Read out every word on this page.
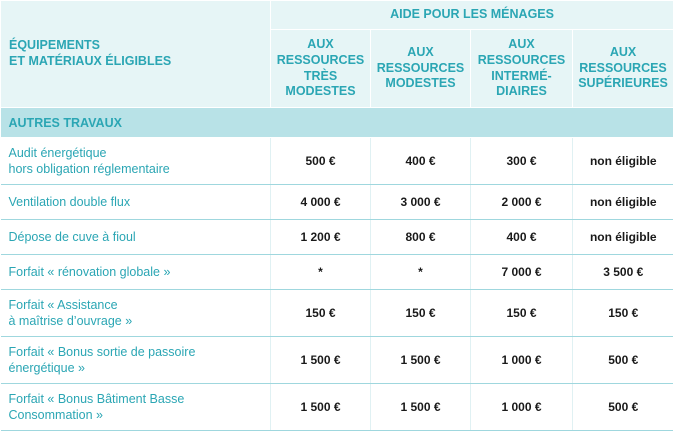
ÉQUIPEMENTS
ET MATÉRIAUX ÉLIGIBLES	AIDE POUR LES MÉNAGES			
	AUX
RESSOURCES
TRÈS
MODESTES	AUX
RESSOURCES
MODESTES	AUX
RESSOURCES
INTERMÉ-
DIAIRES	AUX
RESSOURCES
SUPÉRIEURES
AUTRES TRAVAUX				
Audit énergétique
hors obligation réglementaire	500 €	400 €	300 €	non éligible
Ventilation double flux	4 000 €	3 000 €	2 000 €	non éligible
Dépose de cuve à fioul	1 200 €	800 €	400 €	non éligible
Forfait « rénovation globale »	*	*	7 000 €	3 500 €
Forfait « Assistance
à maîtrise d’ouvrage »	150 €	150 €	150 €	150 €
Forfait « Bonus sortie de passoire
énergétique »	1 500 €	1 500 €	1 000 €	500 €
Forfait « Bonus Bâtiment Basse
Consommation »	1 500 €	1 500 €	1 000 €	500 €
